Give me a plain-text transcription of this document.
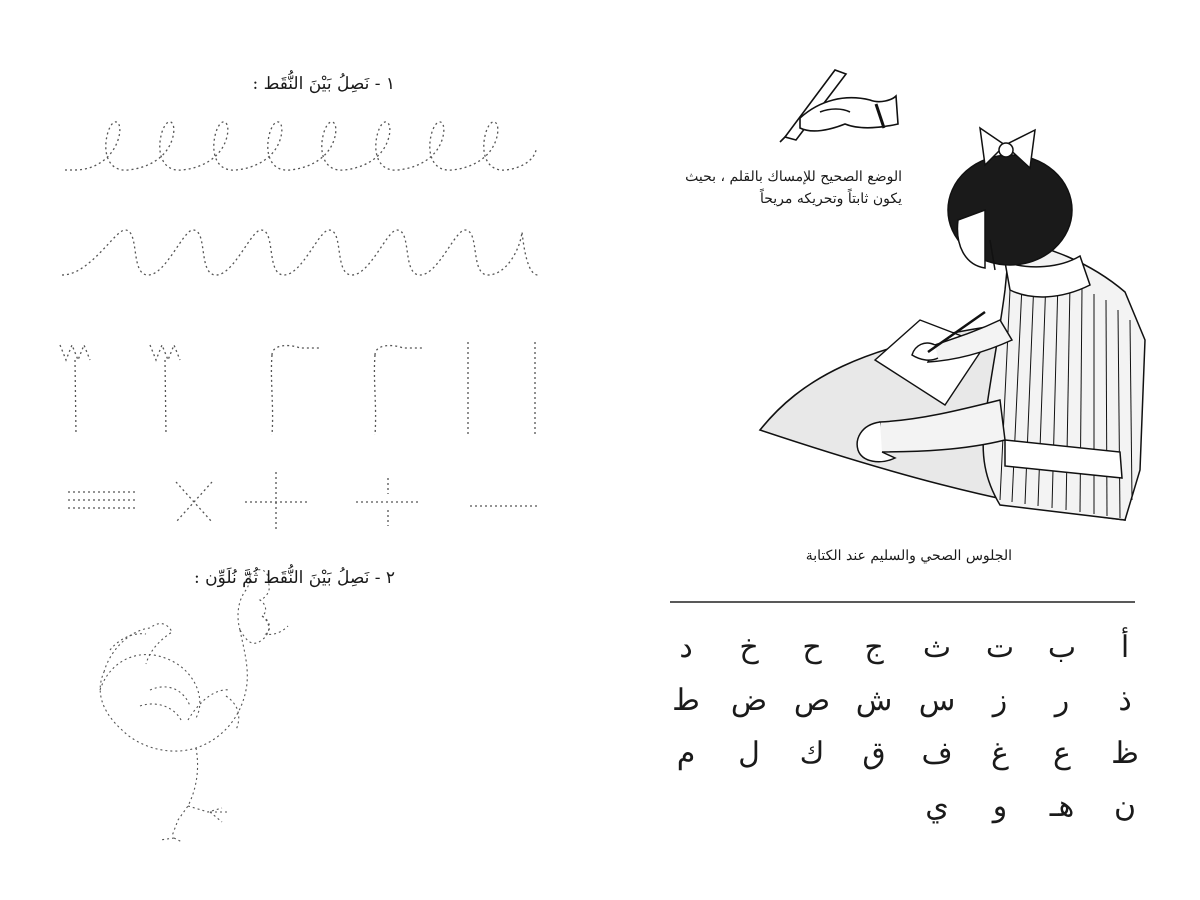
١ - نَصِلُ بَيْنَ النُّقَط :
٢ - نَصِلُ بَيْنَ النُّقَط ثُمَّ نُلَوِّن :
الوضع الصحيح للإمساك بالقلم ، بحيث
يكون ثابتاً وتحريكه مريحاً
الجلوس الصحي والسليم عند الكتابة
أ
ب
ت
ث
ج
ح
خ
د
ذ
ر
ز
س
ش
ص
ض
ط
ظ
ع
غ
ف
ق
ك
ل
م
ن
هـ
و
ي
